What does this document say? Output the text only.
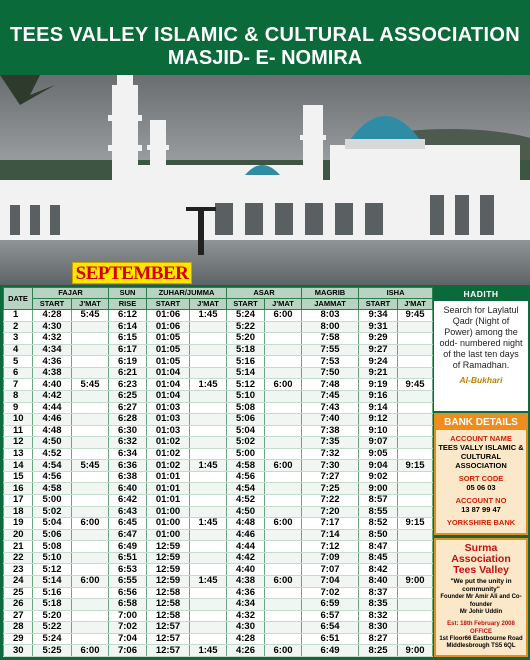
TEES VALLEY ISLAMIC & CULTURAL ASSOCIATION
MASJID- E- NOMIRA
SEPTEMBER
DATE	FAJAR		SUN	ZUHAR/JUMMA		ASAR		MAGRIB	ISHA	
	START	J'MAT	RISE	START	J'MAT	START	J'MAT	JAMMAT	START	J'MAT
1	4:28	5:45	6:12	01:06	1:45	5:24	6:00	8:03	9:34	9:45
2	4:30		6:14	01:06		5:22		8:00	9:31	
3	4:32		6:15	01:05		5:20		7:58	9:29	
4	4:34		6:17	01:05		5:18		7:55	9:27	
5	4:36		6:19	01:05		5:16		7:53	9:24	
6	4:38		6:21	01:04		5:14		7:50	9:21	
7	4:40	5:45	6:23	01:04	1:45	5:12	6:00	7:48	9:19	9:45
8	4:42		6:25	01:04		5:10		7:45	9:16	
9	4:44		6:27	01:03		5:08		7:43	9:14	
10	4:46		6:28	01:03		5:06		7:40	9:12	
11	4:48		6:30	01:03		5:04		7:38	9:10	
12	4:50		6:32	01:02		5:02		7:35	9:07	
13	4:52		6:34	01:02		5:00		7:32	9:05	
14	4:54	5:45	6:36	01:02	1:45	4:58	6:00	7:30	9:04	9:15
15	4:56		6:38	01:01		4:56		7:27	9:02	
16	4:58		6:40	01:01		4:54		7:25	9:00	
17	5:00		6:42	01:01		4:52		7:22	8:57	
18	5:02		6:43	01:00		4:50		7:20	8:55	
19	5:04	6:00	6:45	01:00	1:45	4:48	6:00	7:17	8:52	9:15
20	5:06		6:47	01:00		4:46		7:14	8:50	
21	5:08		6:49	12:59		4:44		7:12	8:47	
22	5:10		6:51	12:59		4:42		7:09	8:45	
23	5:12		6:53	12:59		4:40		7:07	8:42	
24	5:14	6:00	6:55	12:59	1:45	4:38	6:00	7:04	8:40	9:00
25	5:16		6:56	12:58		4:36		7:02	8:37	
26	5:18		6:58	12:58		4:34		6:59	8:35	
27	5:20		7:00	12:58		4:32		6:57	8:32	
28	5:22		7:02	12:57		4:30		6:54	8:30	
29	5:24		7:04	12:57		4:28		6:51	8:27	
30	5:25	6:00	7:06	12:57	1:45	4:26	6:00	6:49	8:25	9:00
HADITH
Search for Laylatul Qadr (Night of Power) among the odd- numbered night of the last ten days of Ramadhan.
Al-Bukhari
BANK DETAILS
ACCOUNT NAME
TEES VALLY ISLAMIC & CULTURAL ASSOCIATION
SORT CODE
05 06 03
ACCOUNT NO
13 87 99 47
YORKSHIRE BANK
Surma Association
Tees Valley
"We put the unity in community"
Founder Mr Amir Ali and Co-founder
Mr Johir Uddin
Est: 18th February 2008
OFFICE
1st Floor66 Eastbourne Road
Middlesbrough TS5 6QL
